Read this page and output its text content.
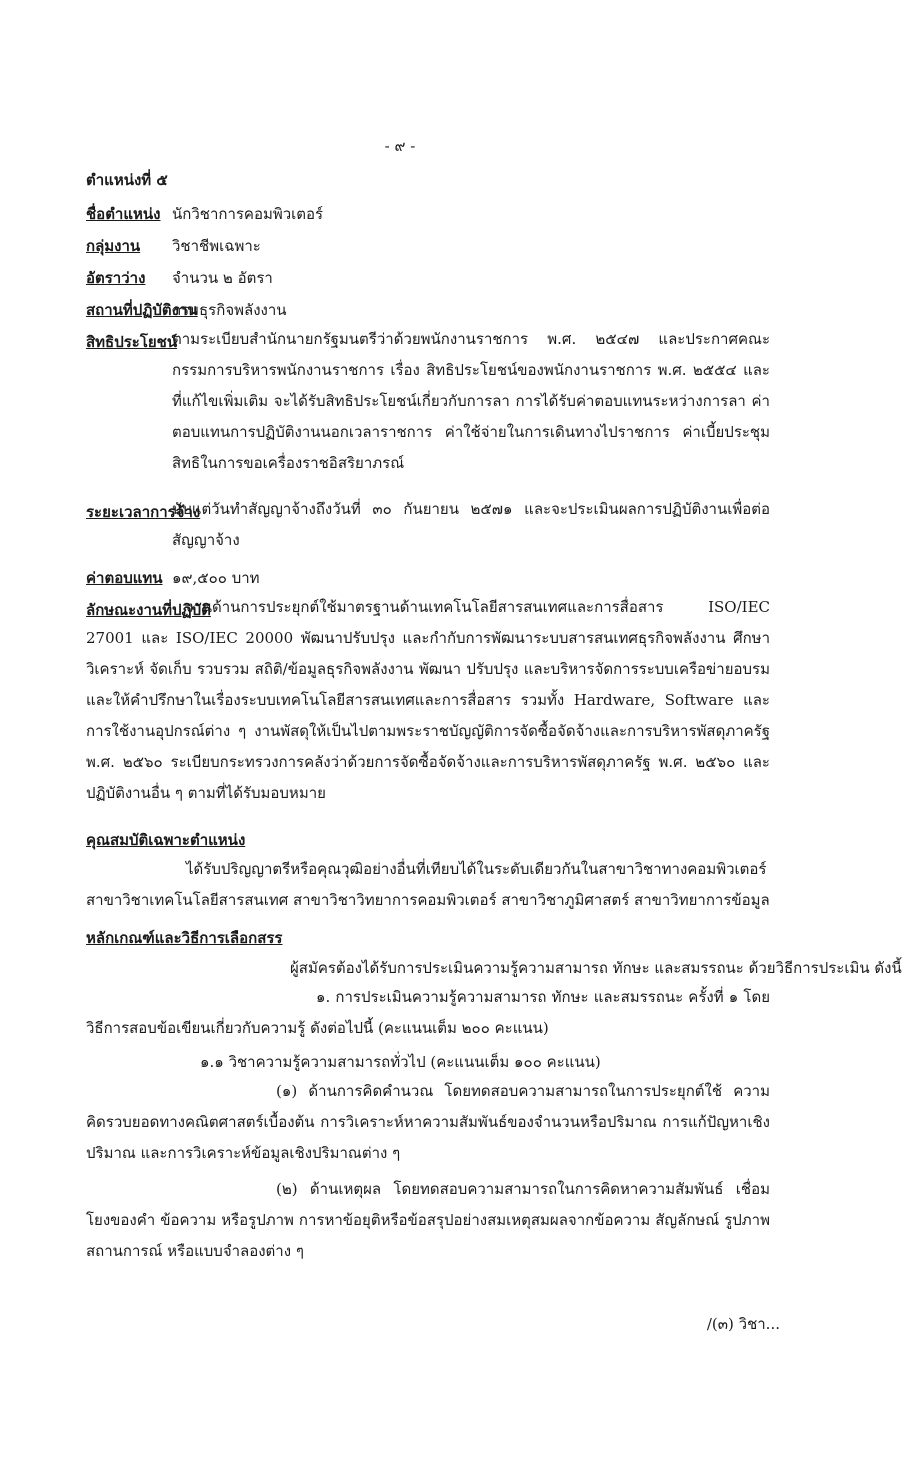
- ๙ -
ตำแหน่งที่ ๕
ชื่อตำแหน่ง นักวิชาการคอมพิวเตอร์
กลุ่มงาน วิชาชีพเฉพาะ
อัตราว่าง จำนวน ๒ อัตรา
สถานที่ปฏิบัติงาน
กรมธุรกิจพลังงาน
สิทธิประโยชน์
ตามระเบียบสำนักนายกรัฐมนตรีว่าด้วยพนักงานราชการ พ.ศ. ๒๕๔๗ และประกาศคณะกรรมการบริหารพนักงานราชการ เรื่อง สิทธิประโยชน์ของพนักงานราชการ พ.ศ. ๒๕๕๔ และที่แก้ไขเพิ่มเติม จะได้รับสิทธิประโยชน์เกี่ยวกับการลา การได้รับค่าตอบแทนระหว่างการลา ค่าตอบแทนการปฏิบัติงานนอกเวลาราชการ ค่าใช้จ่ายในการเดินทางไปราชการ ค่าเบี้ยประชุม สิทธิในการขอเครื่องราชอิสริยาภรณ์
ระยะเวลาการจ้าง
นับแต่วันทำสัญญาจ้างถึงวันที่ ๓๐ กันยายน ๒๕๗๑ และจะประเมินผลการปฏิบัติงานเพื่อต่อสัญญาจ้าง
ค่าตอบแทน ๑๙,๕๐๐ บาท
ลักษณะงานที่ปฏิบัติ
งานด้านการประยุกต์ใช้มาตรฐานด้านเทคโนโลยีสารสนเทศและการสื่อสาร ISO/IEC 27001 และ ISO/IEC 20000 พัฒนาปรับปรุง และกำกับการพัฒนาระบบสารสนเทศธุรกิจพลังงาน ศึกษา วิเคราะห์ จัดเก็บ รวบรวม สถิติ/ข้อมูลธุรกิจพลังงาน พัฒนา ปรับปรุง และบริหารจัดการระบบเครือข่ายอบรมและให้คำปรึกษาในเรื่องระบบเทคโนโลยีสารสนเทศและการสื่อสาร รวมทั้ง Hardware, Software และการใช้งานอุปกรณ์ต่าง ๆ งานพัสดุให้เป็นไปตามพระราชบัญญัติการจัดซื้อจัดจ้างและการบริหารพัสดุภาครัฐ พ.ศ. ๒๕๖๐ ระเบียบกระทรวงการคลังว่าด้วยการจัดซื้อจัดจ้างและการบริหารพัสดุภาครัฐ พ.ศ. ๒๕๖๐ และปฏิบัติงานอื่น ๆ ตามที่ได้รับมอบหมาย
คุณสมบัติเฉพาะตำแหน่ง
ได้รับปริญญาตรีหรือคุณวุฒิอย่างอื่นที่เทียบได้ในระดับเดียวกันในสาขาวิชาทางคอมพิวเตอร์ สาขาวิชาเทคโนโลยีสารสนเทศ สาขาวิชาวิทยาการคอมพิวเตอร์ สาขาวิชาภูมิศาสตร์ สาขาวิทยาการข้อมูล
หลักเกณฑ์และวิธีการเลือกสรร
ผู้สมัครต้องได้รับการประเมินความรู้ความสามารถ ทักษะ และสมรรถนะ ด้วยวิธีการประเมิน ดังนี้
๑. การประเมินความรู้ความสามารถ ทักษะ และสมรรถนะ ครั้งที่ ๑ โดยวิธีการสอบข้อเขียนเกี่ยวกับความรู้ ดังต่อไปนี้ (คะแนนเต็ม ๒๐๐ คะแนน)
๑.๑ วิชาความรู้ความสามารถทั่วไป (คะแนนเต็ม ๑๐๐ คะแนน)
(๑) ด้านการคิดคำนวณ โดยทดสอบความสามารถในการประยุกต์ใช้ ความคิดรวบยอดทางคณิตศาสตร์เบื้องต้น การวิเคราะห์หาความสัมพันธ์ของจำนวนหรือปริมาณ การแก้ปัญหาเชิงปริมาณ และการวิเคราะห์ข้อมูลเชิงปริมาณต่าง ๆ
(๒) ด้านเหตุผล โดยทดสอบความสามารถในการคิดหาความสัมพันธ์ เชื่อมโยงของคำ ข้อความ หรือรูปภาพ การหาข้อยุติหรือข้อสรุปอย่างสมเหตุสมผลจากข้อความ สัญลักษณ์ รูปภาพ สถานการณ์ หรือแบบจำลองต่าง ๆ
/(๓) วิชา...
